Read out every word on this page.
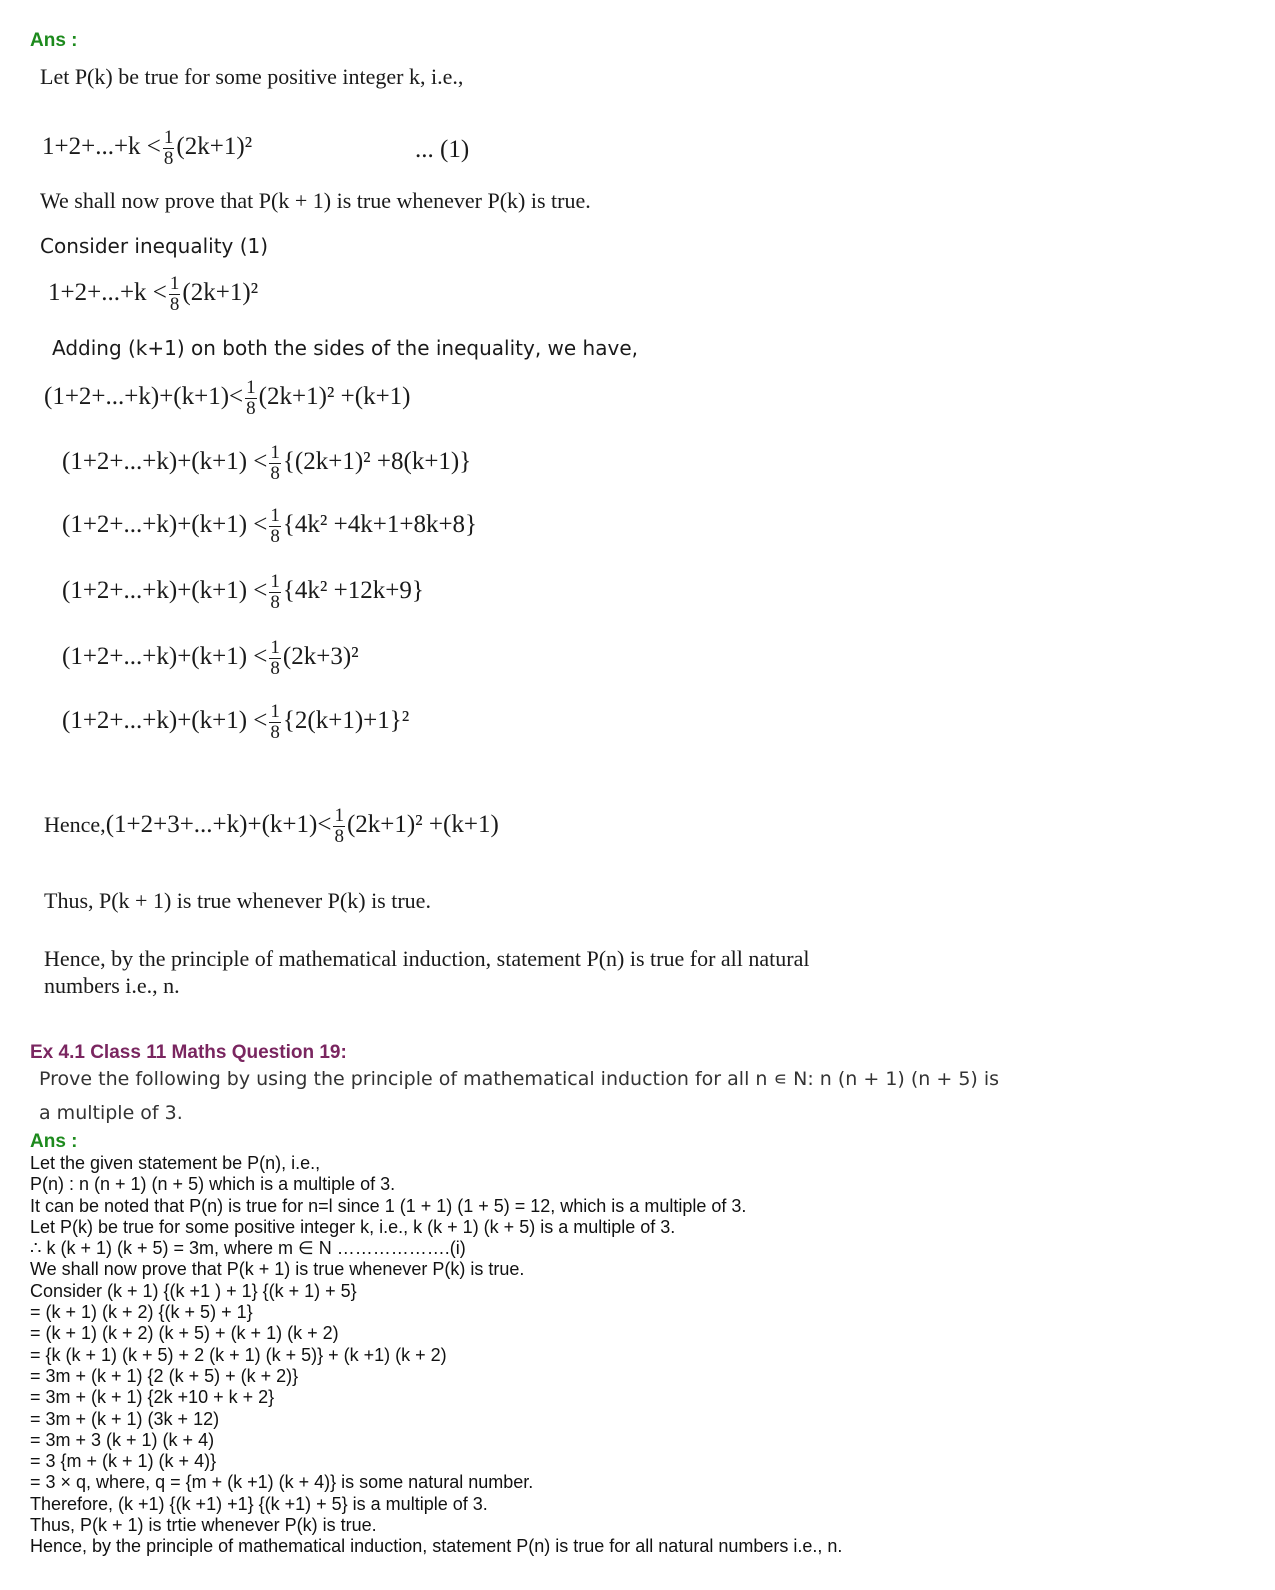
Ans :
Let P(k) be true for some positive integer k, i.e.,
$1+2+...+k < \frac{1}{8} (2k+1)^2$	... (1)
We shall now prove that P(k + 1) is true whenever P(k) is true.
Consider inequality (1)
$1+2+...+k < \frac{1}{8} (2k+1)^2$
Adding (k+1) on both the sides of the inequality, we have,
$(1+2+...+k)+(k+1)< \frac{1}{8} (2k+1)^2 +(k+1)$
$(1+2+...+k)+(k+1) < \frac{1}{8} \{(2k+1)^2 +8(k+1)\}$
$(1+2+...+k)+(k+1) < \frac{1}{8} \{4k^2 +4k+1+8k+8\}$
$(1+2+...+k)+(k+1) < \frac{1}{8} \{4k^2 +12k+9\}$
$(1+2+...+k)+(k+1) < \frac{1}{8} (2k+3)^2$
$(1+2+...+k)+(k+1) < \frac{1}{8} \{2(k+1)+1\}^2$
Hence,(1+2+3+...+k)+(k+1)< $\frac{1}{8} (2k+1)^2 +(k+1)$
Thus, P(k + 1) is true whenever P(k) is true.
Hence, by the principle of mathematical induction, statement P(n) is true for all natural
numbers i.e., n.
Ex 4.1 Class 11 Maths Question 19:
Prove the following by using the principle of mathematical induction for all n ∊ N: n (n + 1) (n + 5) is
a multiple of 3.
Ans :
Let the given statement be P(n), i.e.,
P(n) : n (n + 1) (n + 5) which is a multiple of 3.
It can be noted that P(n) is true for n=l since 1 (1 + 1) (1 + 5) = 12, which is a multiple of 3.
Let P(k) be true for some positive integer k, i.e., k (k + 1) (k + 5) is a multiple of 3.
∴ k (k + 1) (k + 5) = 3m, where m ∈ N ……………….(i)
We shall now prove that P(k + 1) is true whenever P(k) is true.
Consider (k + 1) {(k +1 ) + 1} {(k + 1) + 5}
= (k + 1) (k + 2) {(k + 5) + 1}
= (k + 1) (k + 2) (k + 5) + (k + 1) (k + 2)
= {k (k + 1) (k + 5) + 2 (k + 1) (k + 5)} + (k +1) (k + 2)
= 3m + (k + 1) {2 (k + 5) + (k + 2)}
= 3m + (k + 1) {2k +10 + k + 2}
= 3m + (k + 1) (3k + 12)
= 3m + 3 (k + 1) (k + 4)
= 3 {m + (k + 1) (k + 4)}
= 3 × q, where, q = {m + (k +1) (k + 4)} is some natural number.
Therefore, (k +1) {(k +1) +1} {(k +1) + 5} is a multiple of 3.
Thus, P(k + 1) is trtie whenever P(k) is true.
Hence, by the principle of mathematical induction, statement P(n) is true for all natural numbers i.e., n.
